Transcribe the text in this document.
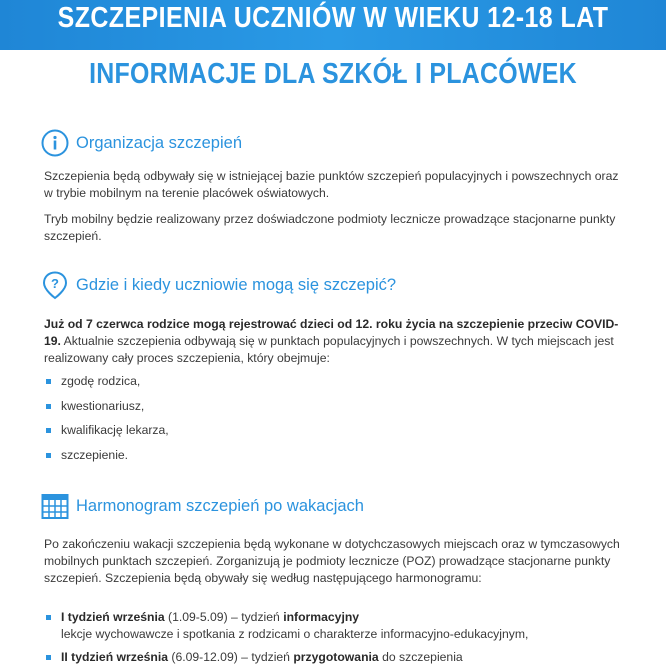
SZCZEPIENIA UCZNIÓW W WIEKU 12-18 LAT
INFORMACJE DLA SZKÓŁ I PLACÓWEK
Organizacja szczepień

Szczepienia będą odbywały się w istniejącej bazie punktów szczepień populacyjnych i powszechnych oraz w trybie mobilnym na terenie placówek oświatowych.

Tryb mobilny będzie realizowany przez doświadczone podmioty lecznicze prowadzące stacjonarne punkty szczepień.

? Gdzie i kiedy uczniowie mogą się szczepić?

Już od 7 czerwca rodzice mogą rejestrować dzieci od 12. roku życia na szczepienie przeciw COVID-19. Aktualnie szczepienia odbywają się w punktach populacyjnych i powszechnych. W tych miejscach jest realizowany cały proces szczepienia, który obejmuje:

zgodę rodzica,
kwestionariusz,
kwalifikację lekarza,
szczepienie.
Harmonogram szczepień po wakacjach

Po zakończeniu wakacji szczepienia będą wykonane w dotychczasowych miejscach oraz w tymczasowych mobilnych punktach szczepień. Zorganizują je podmioty lecznicze (POZ) prowadzące stacjonarne punkty szczepień. Szczepienia będą obywały się według następującego harmonogramu:

I tydzień września (1.09-5.09) – tydzień informacyjny
lekcje wychowawcze i spotkania z rodzicami o charakterze informacyjno-edukacyjnym,
II tydzień września (6.09-12.09) – tydzień przygotowania do szczepienia
